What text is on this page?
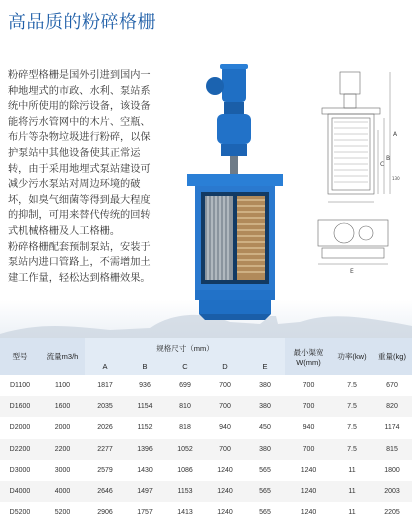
高品质的粉碎格栅

粉碎型格栅是国外引进到国内一种地埋式的市政、水利、泵站系统中所使用的除污设备，该设备能将污水管网中的木片、空瓶、布片等杂物垃圾进行粉碎，以保护泵站中其他设备使其正常运转，由于采用地埋式泵站建设可减少污水泵站对周边环境的破坏，如臭气细菌等得到最大程度的抑制，可用来替代传统的回转式机械格栅及人工格栅。

粉碎格栅配套预制泵站，安装于泵站内进口管路上，不需增加土建工作量，轻松达到格栅效果。

A
B
C
130
E
型号	流量m3/h	规格尺寸（mm）					最小渠宽W(mm)	功率(kw)	重量(kg)
		A	B	C	D	E			
D1100	1100	1817	936	699	700	380	700	7.5	670
D1600	1600	2035	1154	810	700	380	700	7.5	820
D2000	2000	2026	1152	818	940	450	940	7.5	1174
D2200	2200	2277	1396	1052	700	380	700	7.5	815
D3000	3000	2579	1430	1086	1240	565	1240	11	1800
D4000	4000	2646	1497	1153	1240	565	1240	11	2003
D5200	5200	2906	1757	1413	1240	565	1240	11	2205
